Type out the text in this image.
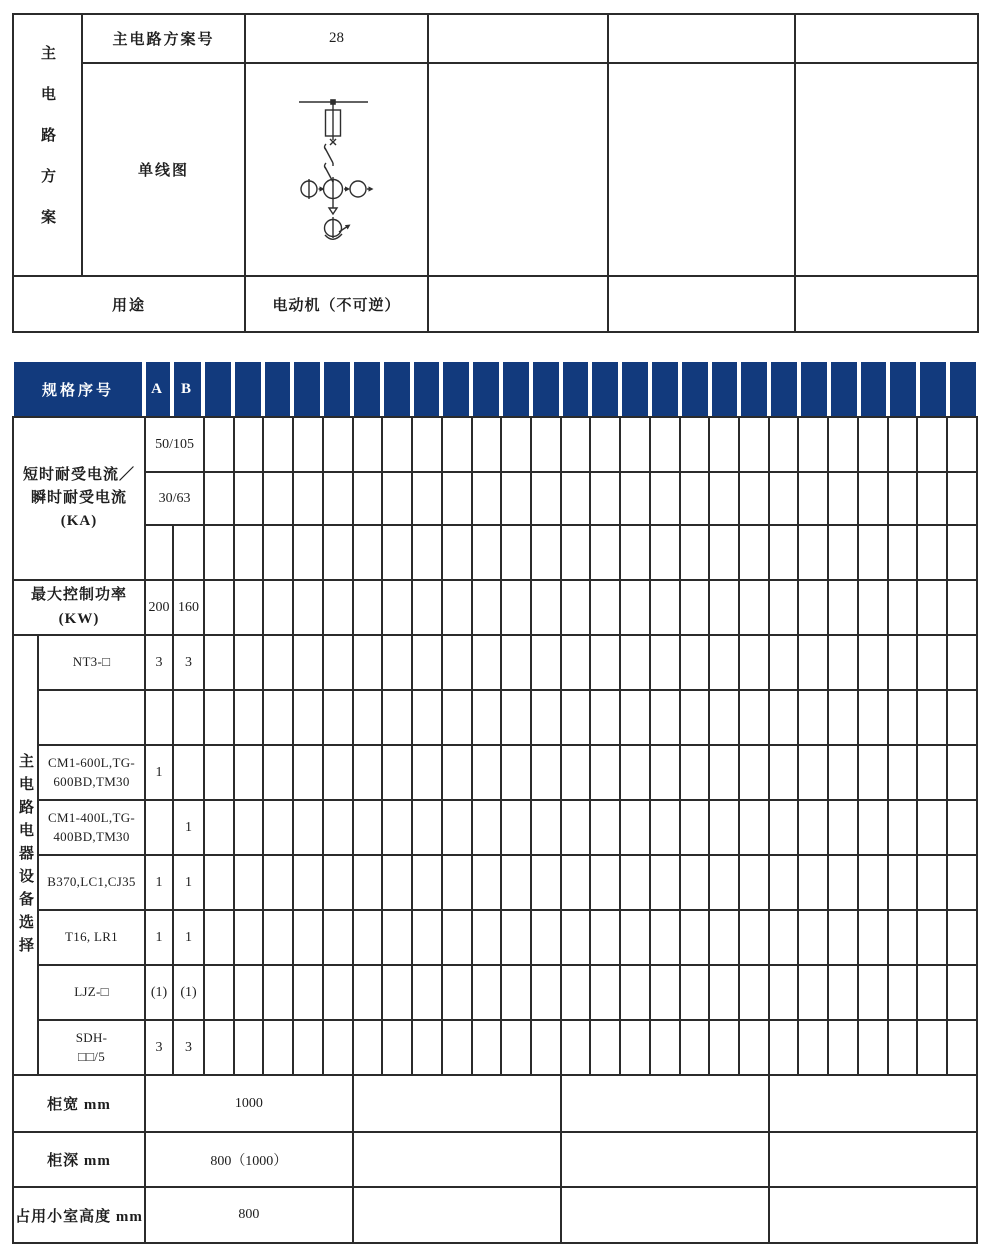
主电路方案	主电路方案号	28			
	单线图	

用途		电动机（不可逆）			
规格序号	A	B																										
短时耐受电流／
瞬时耐受电流
(KA)		50/105																											
		30/63																											

最大控制功率
(KW)		200	160																										
主电路电器设备选择	NT3-□	3	3																										

	CM1-600L,TG-
600BD,TM30	1																											

	CM1-400L,TG-
400BD,TM30		1																										

	B370,LC1,CJ35	1	1																										

	T16, LR1	1	1																										

	LJZ-□	(1)	(1)																										

	SDH-
□□/5	3	3																										
柜宽 mm		1000																											
柜深 mm		800（1000）																											
占用小室高度 mm		800																											
